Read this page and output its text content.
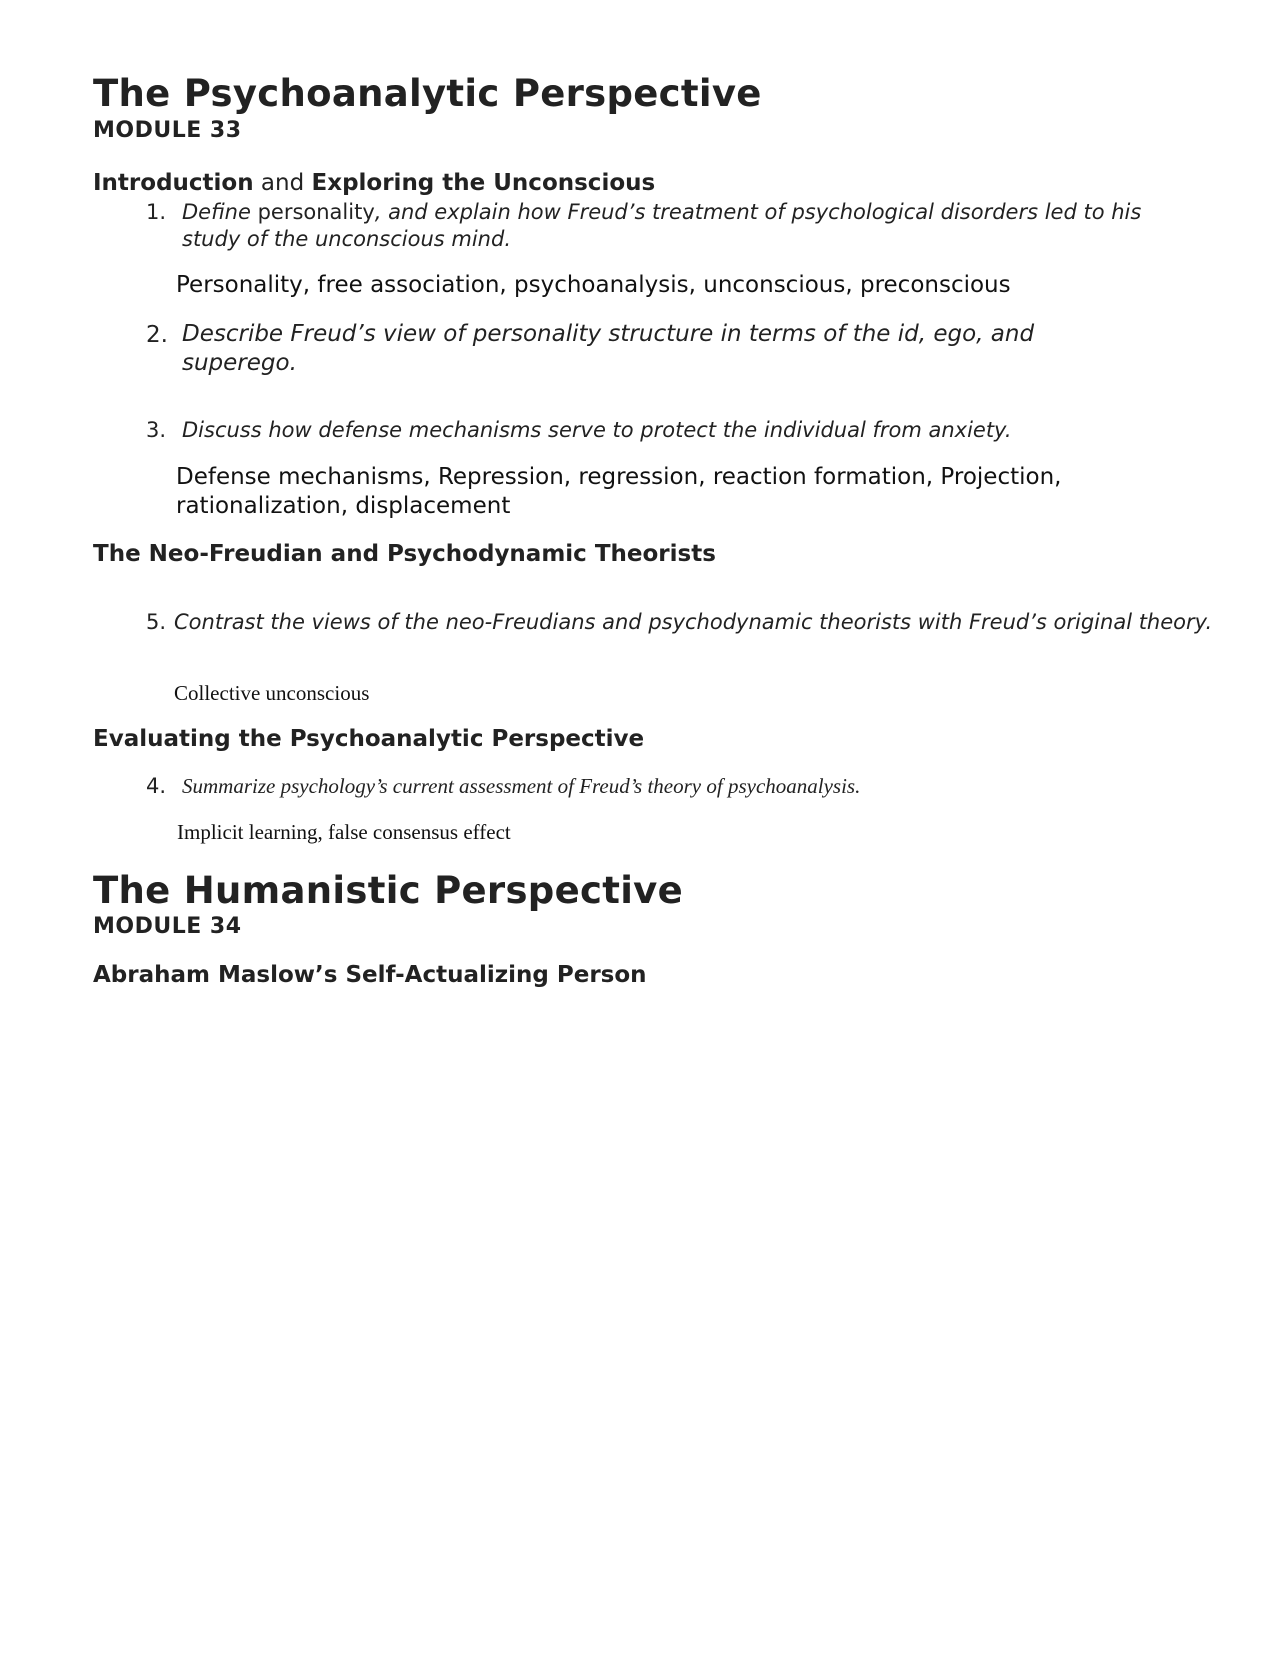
The Psychoanalytic Perspective
MODULE 33
Introduction and Exploring the Unconscious
1. Define personality, and explain how Freud’s treatment of psychological disorders led to his study of the unconscious mind.
Personality, free association, psychoanalysis, unconscious, preconscious
2. Describe Freud’s view of personality structure in terms of the id, ego, and superego.
3. Discuss how defense mechanisms serve to protect the individual from anxiety.
Defense mechanisms, Repression, regression, reaction formation, Projection, rationalization, displacement
The Neo-Freudian and Psychodynamic Theorists
5. Contrast the views of the neo-Freudians and psychodynamic theorists with Freud’s original theory.
Collective unconscious
Evaluating the Psychoanalytic Perspective
4. Summarize psychology’s current assessment of Freud’s theory of psychoanalysis.
Implicit learning, false consensus effect
The Humanistic Perspective
MODULE 34
Abraham Maslow’s Self-Actualizing Person
